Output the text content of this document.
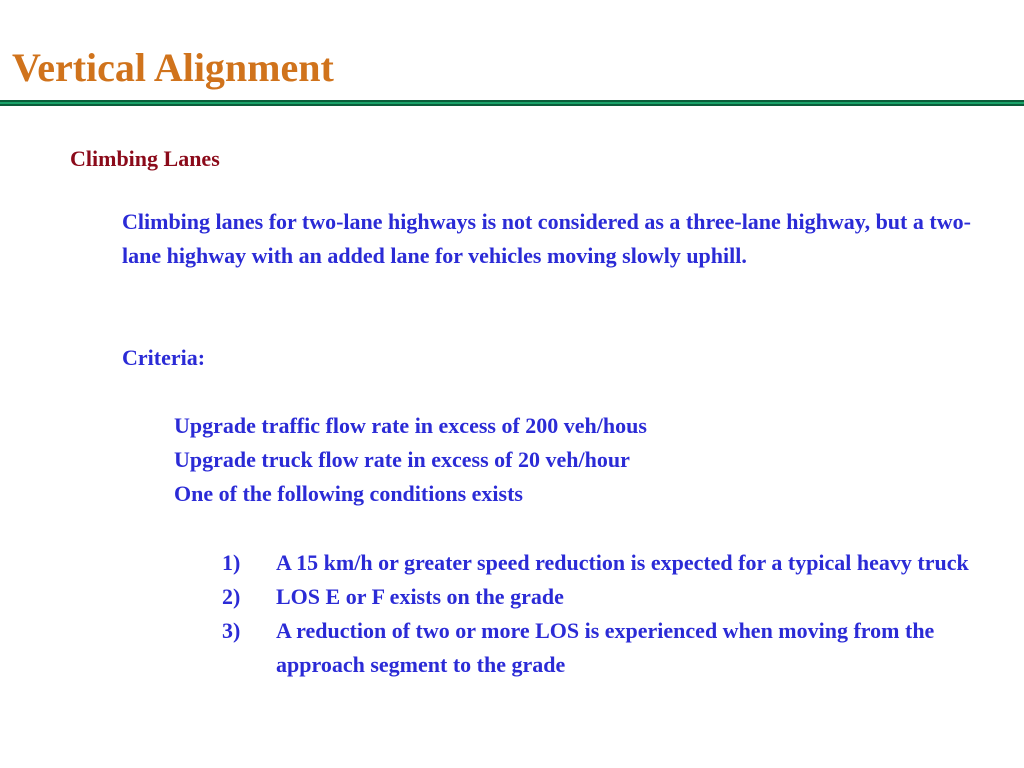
Vertical Alignment
Climbing Lanes

Climbing lanes for two-lane highways is not considered as a three-lane highway, but a two-lane highway with an added lane for vehicles moving slowly uphill.

Criteria:

Upgrade traffic flow rate in excess of 200 veh/hous
Upgrade truck flow rate in excess of 20 veh/hour
One of the following conditions exists
1)	A 15 km/h or greater speed reduction is expected for a typical heavy truck
2)	LOS E or F exists on the grade
3)	A reduction of two or more LOS is experienced when moving from the approach segment to the grade
